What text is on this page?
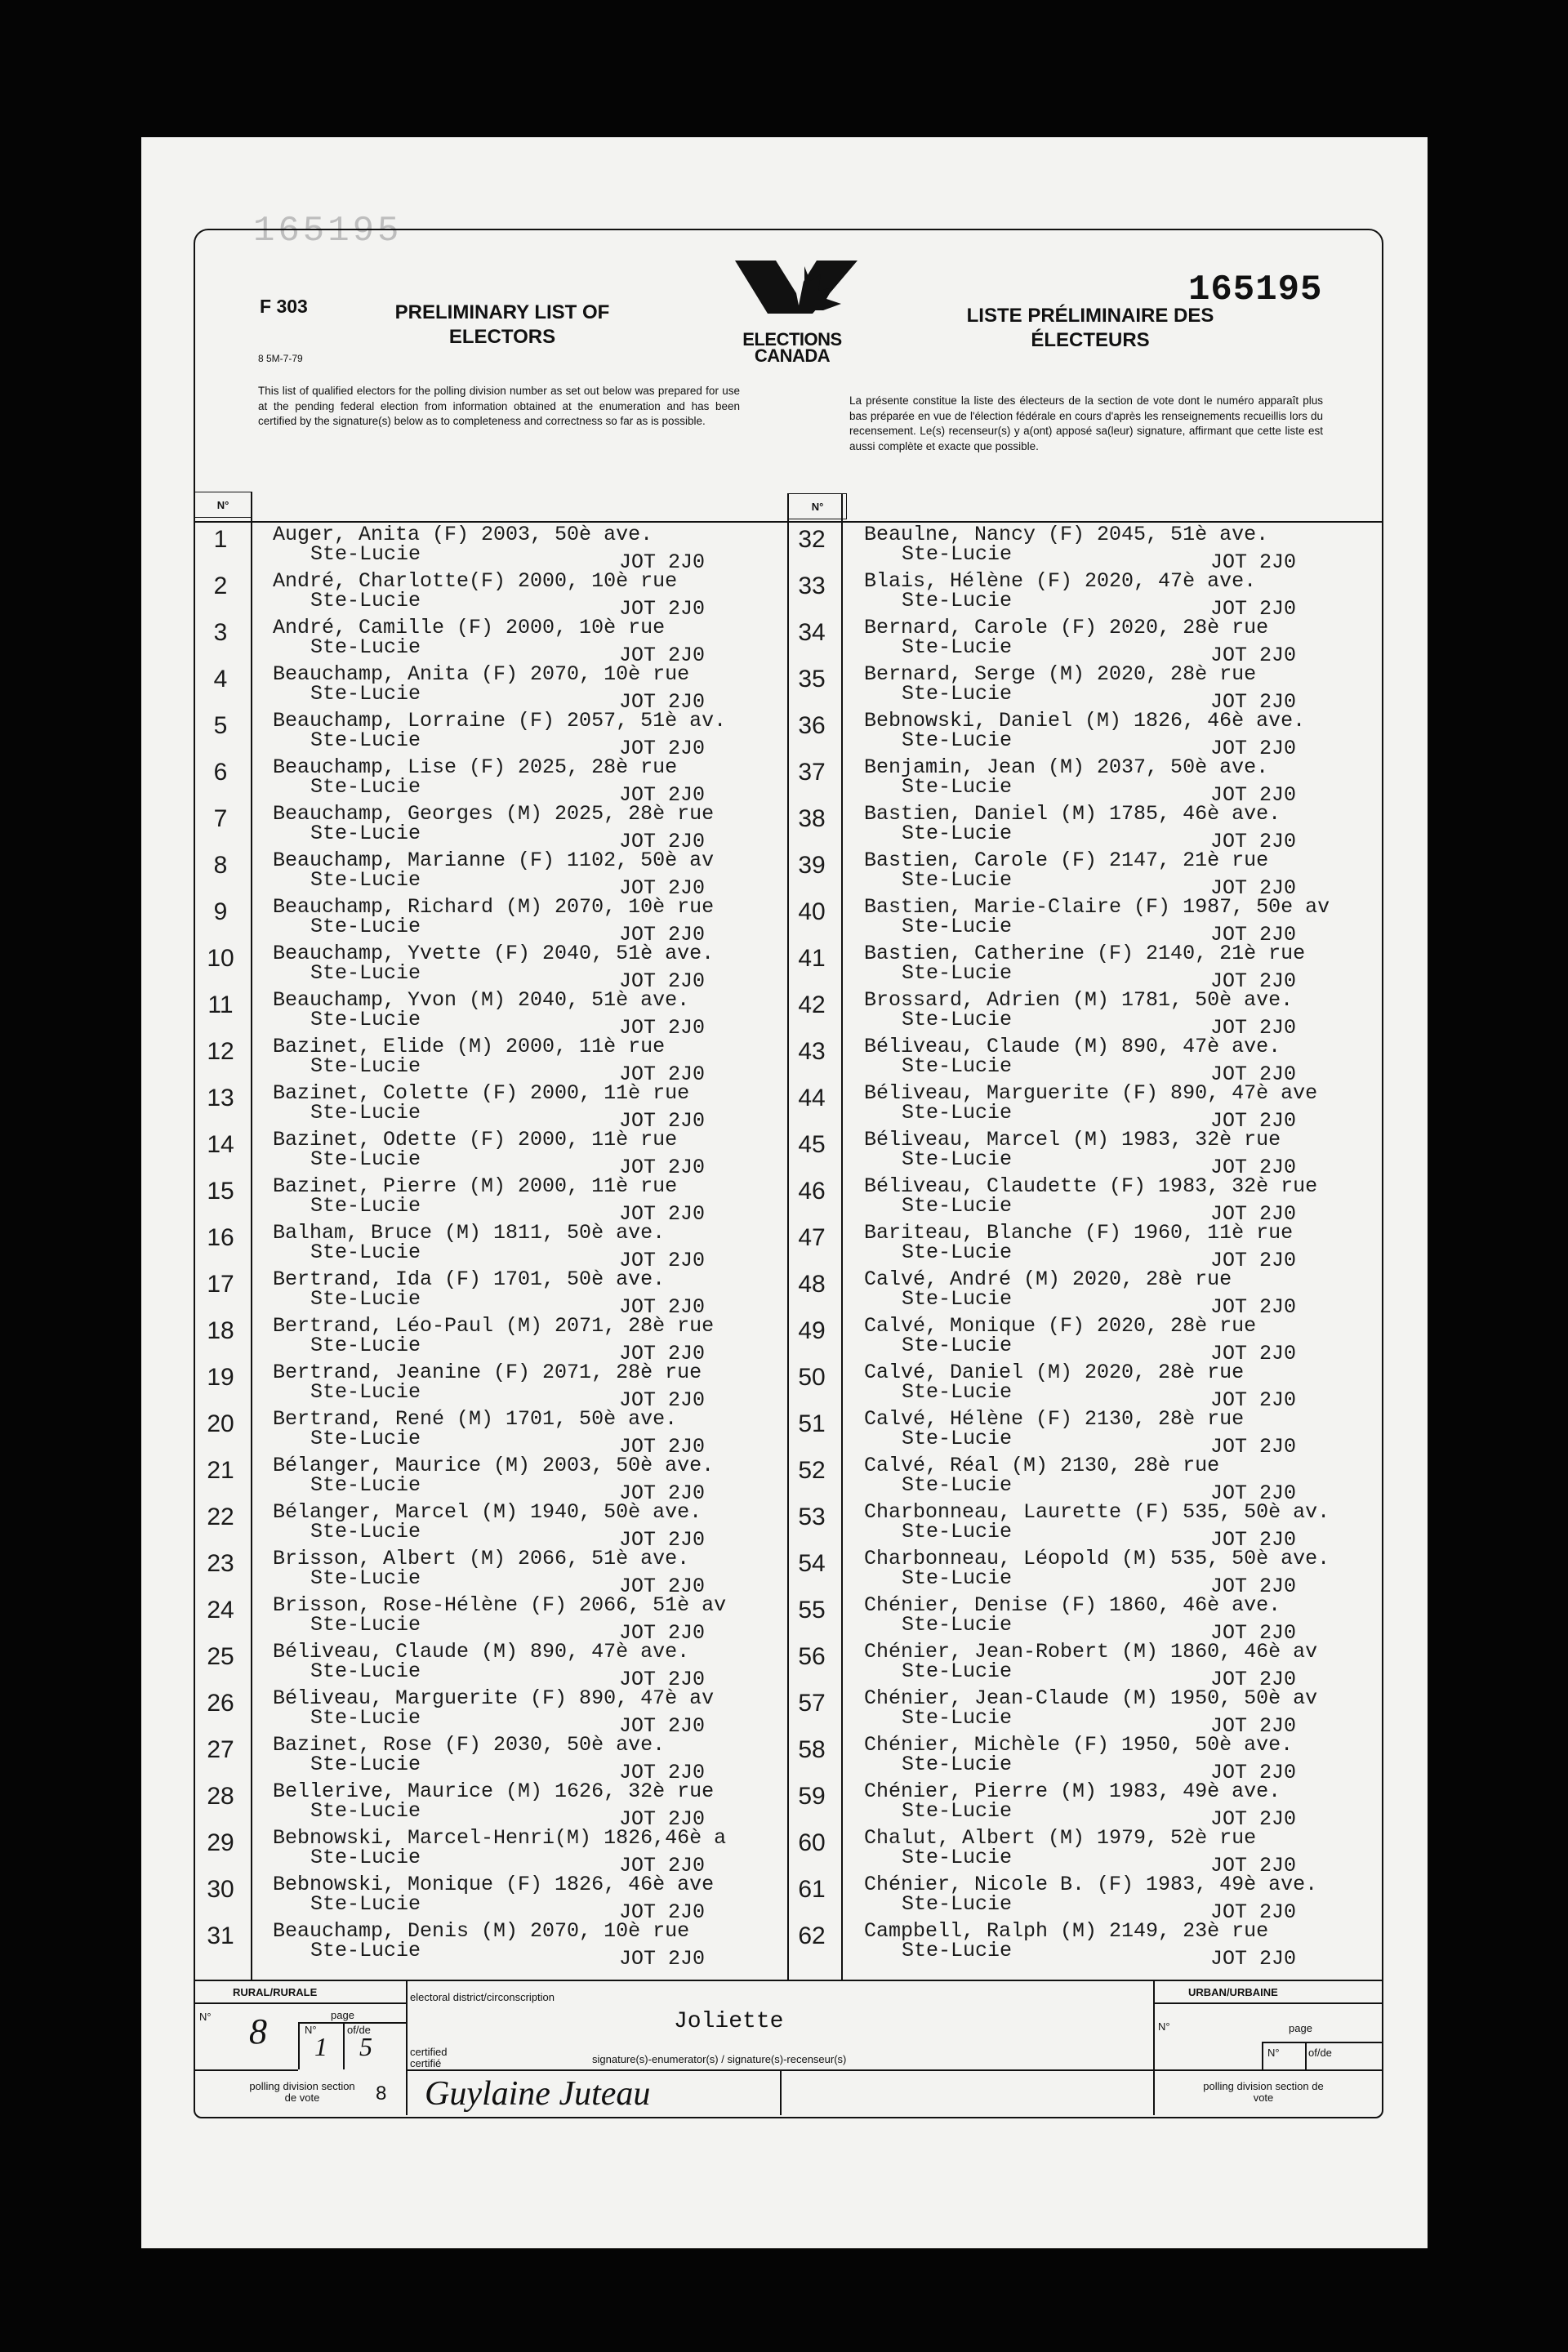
165195
F 303
8 5M-7-79
PRELIMINARY LIST OF
ELECTORS	ELECTIONS
CANADA
LISTE PRÉLIMINAIRE DES
ÉLECTEURS
165195
This list of qualified electors for the polling division number as set out below was prepared for use at the pending federal election from information obtained at the enumeration and has been certified by the signature(s) below as to completeness and correctness so far as is possible.
La présente constitue la liste des électeurs de la section de vote dont le numéro apparaît plus bas préparée en vue de l'élection fédérale en cours d'après les renseignements recueillis lors du recensement. Le(s) recenseur(s) y a(ont) apposé sa(leur) signature, affirmant que cette liste est aussi complète et exacte que possible.
N°	N°
1	Auger, Anita (F) 2003, 50è ave.
Ste-Lucie	JOT 2J0
2	André, Charlotte(F) 2000, 10è rue
Ste-Lucie	JOT 2J0
3	André, Camille (F) 2000, 10è rue
Ste-Lucie	JOT 2J0
4	Beauchamp, Anita (F) 2070, 10è rue
Ste-Lucie	JOT 2J0
5	Beauchamp, Lorraine (F) 2057, 51è av.
Ste-Lucie	JOT 2J0
6	Beauchamp, Lise (F) 2025, 28è rue
Ste-Lucie	JOT 2J0
7	Beauchamp, Georges (M) 2025, 28è rue
Ste-Lucie	JOT 2J0
8	Beauchamp, Marianne (F) 1102, 50è av
Ste-Lucie	JOT 2J0
9	Beauchamp, Richard (M) 2070, 10è rue
Ste-Lucie	JOT 2J0
10	Beauchamp, Yvette (F) 2040, 51è ave.
Ste-Lucie	JOT 2J0
11	Beauchamp, Yvon (M) 2040, 51è ave.
Ste-Lucie	JOT 2J0
12	Bazinet, Elide (M) 2000, 11è rue
Ste-Lucie	JOT 2J0
13	Bazinet, Colette (F) 2000, 11è rue
Ste-Lucie	JOT 2J0
14	Bazinet, Odette (F) 2000, 11è rue
Ste-Lucie	JOT 2J0
15	Bazinet, Pierre (M) 2000, 11è rue
Ste-Lucie	JOT 2J0
16	Balham, Bruce (M) 1811, 50è ave.
Ste-Lucie	JOT 2J0
17	Bertrand, Ida (F) 1701, 50è ave.
Ste-Lucie	JOT 2J0
18	Bertrand, Léo-Paul (M) 2071, 28è rue
Ste-Lucie	JOT 2J0
19	Bertrand, Jeanine (F) 2071, 28è rue
Ste-Lucie	JOT 2J0
20	Bertrand, René (M) 1701, 50è ave.
Ste-Lucie	JOT 2J0
21	Bélanger, Maurice (M) 2003, 50è ave.
Ste-Lucie	JOT 2J0
22	Bélanger, Marcel (M) 1940, 50è ave.
Ste-Lucie	JOT 2J0
23	Brisson, Albert (M) 2066, 51è ave.
Ste-Lucie	JOT 2J0
24	Brisson, Rose-Hélène (F) 2066, 51è av
Ste-Lucie	JOT 2J0
25	Béliveau, Claude (M) 890, 47è ave.
Ste-Lucie	JOT 2J0
26	Béliveau, Marguerite (F) 890, 47è av
Ste-Lucie	JOT 2J0
27	Bazinet, Rose (F) 2030, 50è ave.
Ste-Lucie	JOT 2J0
28	Bellerive, Maurice (M) 1626, 32è rue
Ste-Lucie	JOT 2J0
29	Bebnowski, Marcel-Henri(M) 1826,46è a
Ste-Lucie	JOT 2J0
30	Bebnowski, Monique (F) 1826, 46è ave
Ste-Lucie	JOT 2J0
31	Beauchamp, Denis (M) 2070, 10è rue
Ste-Lucie	JOT 2J0
32	Beaulne, Nancy (F) 2045, 51è ave.
Ste-Lucie	JOT 2J0
33	Blais, Hélène (F) 2020, 47è ave.
Ste-Lucie	JOT 2J0
34	Bernard, Carole (F) 2020, 28è rue
Ste-Lucie	JOT 2J0
35	Bernard, Serge (M) 2020, 28è rue
Ste-Lucie	JOT 2J0
36	Bebnowski, Daniel (M) 1826, 46è ave.
Ste-Lucie	JOT 2J0
37	Benjamin, Jean (M) 2037, 50è ave.
Ste-Lucie	JOT 2J0
38	Bastien, Daniel (M) 1785, 46è ave.
Ste-Lucie	JOT 2J0
39	Bastien, Carole (F) 2147, 21è rue
Ste-Lucie	JOT 2J0
40	Bastien, Marie-Claire (F) 1987, 50e av
Ste-Lucie	JOT 2J0
41	Bastien, Catherine (F) 2140, 21è rue
Ste-Lucie	JOT 2J0
42	Brossard, Adrien (M) 1781, 50è ave.
Ste-Lucie	JOT 2J0
43	Béliveau, Claude (M) 890, 47è ave.
Ste-Lucie	JOT 2J0
44	Béliveau, Marguerite (F) 890, 47è ave
Ste-Lucie	JOT 2J0
45	Béliveau, Marcel (M) 1983, 32è rue
Ste-Lucie	JOT 2J0
46	Béliveau, Claudette (F) 1983, 32è rue
Ste-Lucie	JOT 2J0
47	Bariteau, Blanche (F) 1960, 11è rue
Ste-Lucie	JOT 2J0
48	Calvé, André (M) 2020, 28è rue
Ste-Lucie	JOT 2J0
49	Calvé, Monique (F) 2020, 28è rue
Ste-Lucie	JOT 2J0
50	Calvé, Daniel (M) 2020, 28è rue
Ste-Lucie	JOT 2J0
51	Calvé, Hélène (F) 2130, 28è rue
Ste-Lucie	JOT 2J0
52	Calvé, Réal (M) 2130, 28è rue
Ste-Lucie	JOT 2J0
53	Charbonneau, Laurette (F) 535, 50è av.
Ste-Lucie	JOT 2J0
54	Charbonneau, Léopold (M) 535, 50è ave.
Ste-Lucie	JOT 2J0
55	Chénier, Denise (F) 1860, 46è ave.
Ste-Lucie	JOT 2J0
56	Chénier, Jean-Robert (M) 1860, 46è av
Ste-Lucie	JOT 2J0
57	Chénier, Jean-Claude (M) 1950, 50è av
Ste-Lucie	JOT 2J0
58	Chénier, Michèle (F) 1950, 50è ave.
Ste-Lucie	JOT 2J0
59	Chénier, Pierre (M) 1983, 49è ave.
Ste-Lucie	JOT 2J0
60	Chalut, Albert (M) 1979, 52è rue
Ste-Lucie	JOT 2J0
61	Chénier, Nicole B. (F) 1983, 49è ave.
Ste-Lucie	JOT 2J0
62	Campbell, Ralph (M) 2149, 23è rue
Ste-Lucie	JOT 2J0
RURAL/RURALE
N°	page
8	N°	of/de
1 5
electoral district/circonscription
Joliette
URBAN/URBAINE
N°	page
N°	of/de
certified certifié	signature(s)-enumerator(s) / signature(s)-recenseur(s)
polling division section de vote	8 Guylaine Juteau	polling division section de vote
